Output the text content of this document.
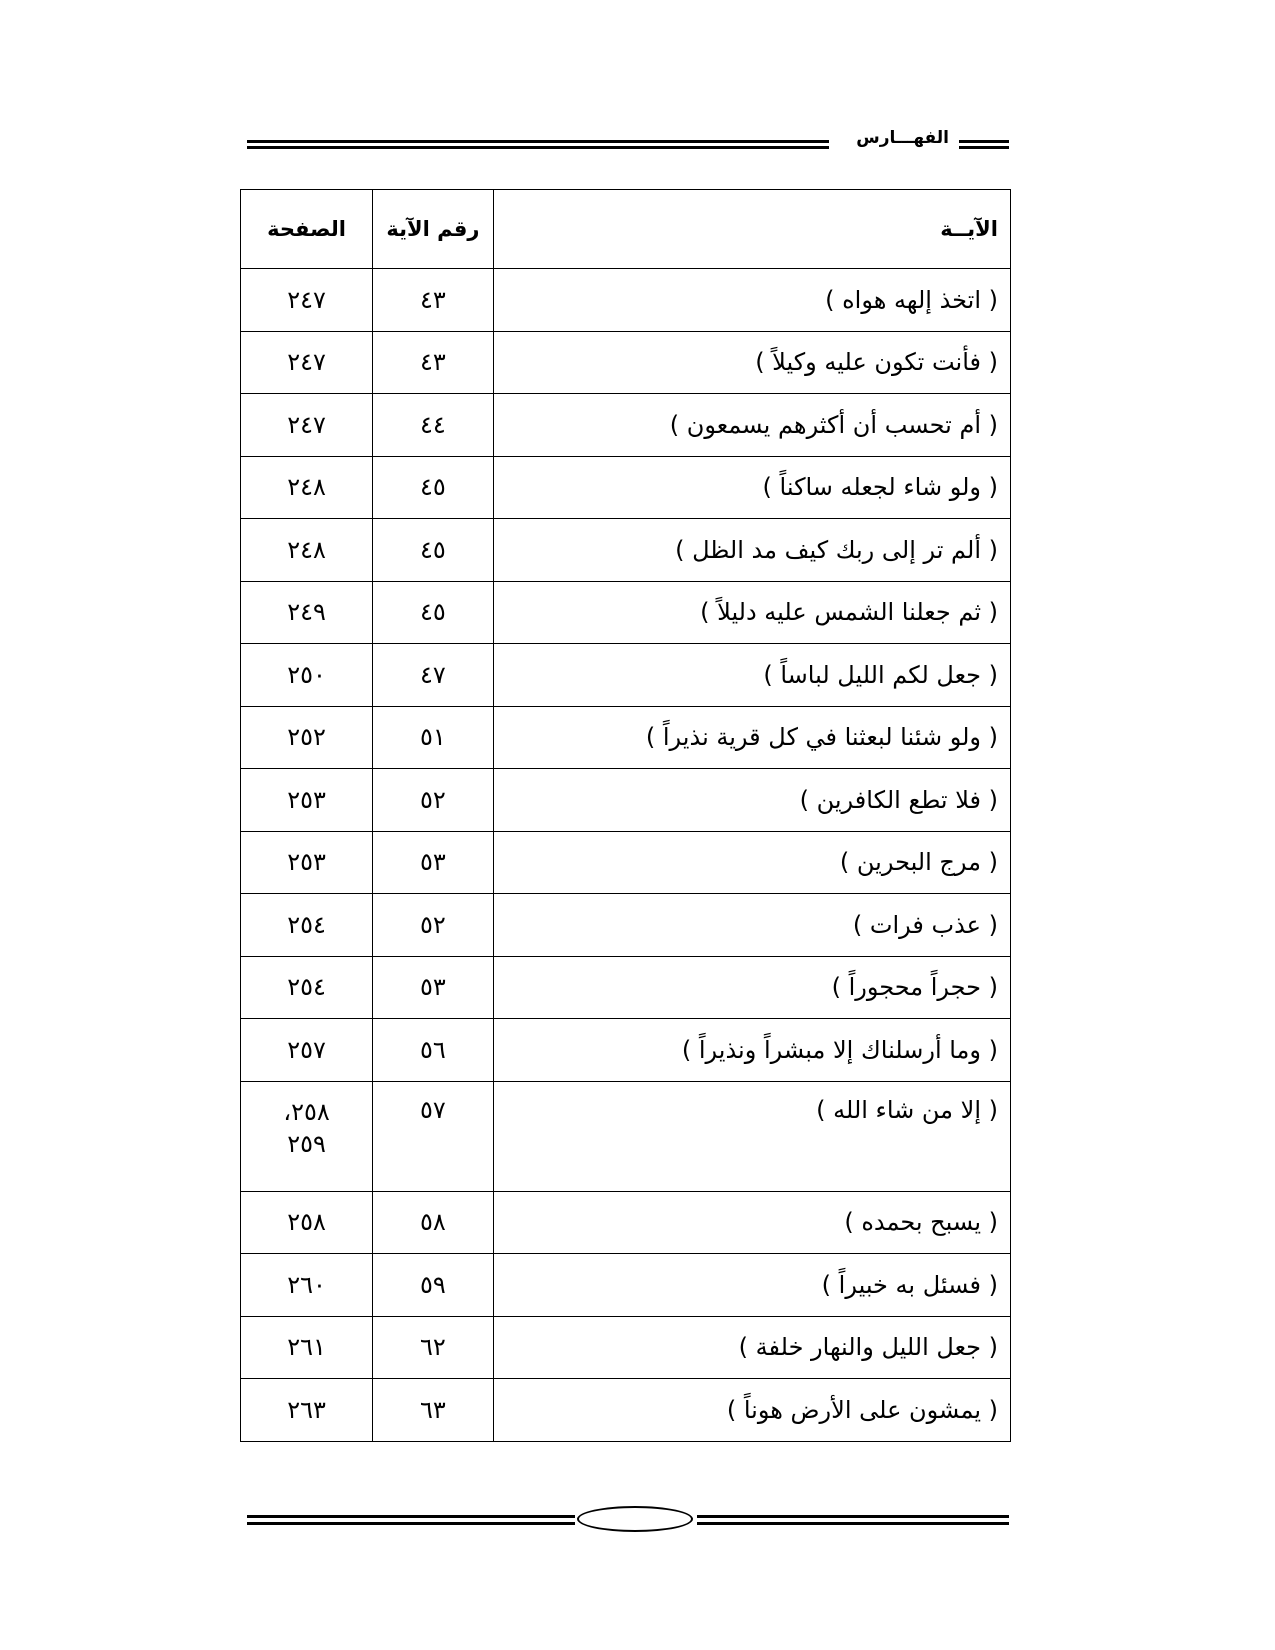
الفهـــارس
الآيــة	رقم الآية	الصفحة
( اتخذ إلهه هواه )	٤٣	٢٤٧
( فأنت تكون عليه وكيلاً )	٤٣	٢٤٧
( أم تحسب أن أكثرهم يسمعون )	٤٤	٢٤٧
( ولو شاء لجعله ساكناً )	٤٥	٢٤٨
( ألم تر إلى ربك كيف مد الظل )	٤٥	٢٤٨
( ثم جعلنا الشمس عليه دليلاً )	٤٥	٢٤٩
( جعل لكم الليل لباساً )	٤٧	٢٥٠
( ولو شئنا لبعثنا في كل قرية نذيراً )	٥١	٢٥٢
( فلا تطع الكافرين )	٥٢	٢٥٣
( مرج البحرين )	٥٣	٢٥٣
( عذب فرات )	٥٢	٢٥٤
( حجراً محجوراً )	٥٣	٢٥٤
( وما أرسلناك إلا مبشراً ونذيراً )	٥٦	٢٥٧
( إلا من شاء الله )	٥٧	٢٥٨،
٢٥٩

( يسبح بحمده )	٥٨	٢٥٨
( فسئل به خبيراً )	٥٩	٢٦٠
( جعل الليل والنهار خلفة )	٦٢	٢٦١
( يمشون على الأرض هوناً )	٦٣	٢٦٣
